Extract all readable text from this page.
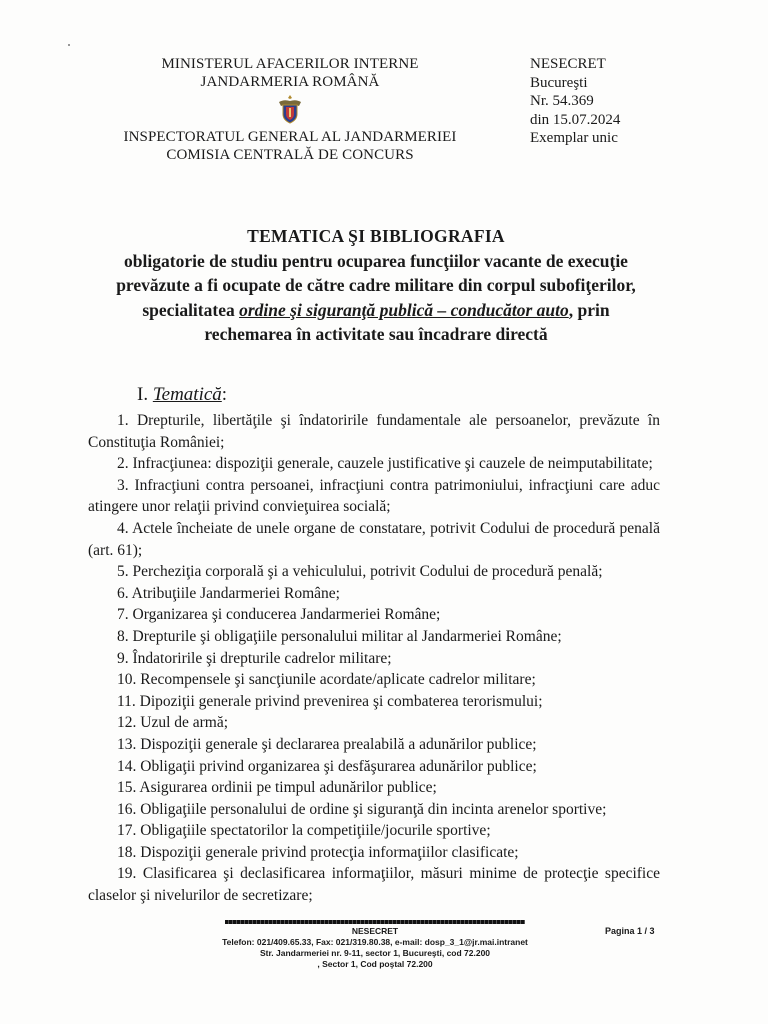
MINISTERUL AFACERILOR INTERNE
JANDARMERIA ROMÂNĂ
INSPECTORATUL GENERAL AL JANDARMERIEI
COMISIA CENTRALĂ DE CONCURS
NESECRET
Bucureşti
Nr. 54.369
din 15.07.2024
Exemplar unic
TEMATICA ŞI BIBLIOGRAFIA
obligatorie de studiu pentru ocuparea funcţiilor vacante de execuţie
prevăzute a fi ocupate de către cadre militare din corpul subofiţerilor,
specialitatea ordine şi siguranţă publică – conducător auto, prin
rechemarea în activitate sau încadrare directă
I. Tematică:

1. Drepturile, libertăţile şi îndatoririle fundamentale ale persoanelor, prevăzute în Constituţia României;

2. Infracţiunea: dispoziţii generale, cauzele justificative şi cauzele de neimputabilitate;

3. Infracţiuni contra persoanei, infracţiuni contra patrimoniului, infracţiuni care aduc atingere unor relaţii privind convieţuirea socială;

4. Actele încheiate de unele organe de constatare, potrivit Codului de procedură penală (art. 61);

5. Percheziţia corporală şi a vehiculului, potrivit Codului de procedură penală;

6. Atribuţiile Jandarmeriei Române;

7. Organizarea şi conducerea Jandarmeriei Române;

8. Drepturile şi obligaţiile personalului militar al Jandarmeriei Române;

9. Îndatoririle şi drepturile cadrelor militare;

10. Recompensele şi sancţiunile acordate/aplicate cadrelor militare;

11. Dipoziţii generale privind prevenirea şi combaterea terorismului;

12. Uzul de armă;

13. Dispoziţii generale şi declararea prealabilă a adunărilor publice;

14. Obligaţii privind organizarea şi desfăşurarea adunărilor publice;

15. Asigurarea ordinii pe timpul adunărilor publice;

16. Obligaţiile personalului de ordine şi siguranţă din incinta arenelor sportive;

17. Obligaţiile spectatorilor la competiţiile/jocurile sportive;

18. Dispoziţii generale privind protecţia informaţiilor clasificate;

19. Clasificarea şi declasificarea informaţiilor, măsuri minime de protecţie specifice claselor şi nivelurilor de secretizare;

NESECRET
Telefon: 021/409.65.33, Fax: 021/319.80.38, e-mail: dosp_3_1@jr.mai.intranet
Str. Jandarmeriei nr. 9-11, sector 1, Bucureşti, cod 72.200
, Sector 1, Cod poştal 72.200
Pagina 1 / 3
